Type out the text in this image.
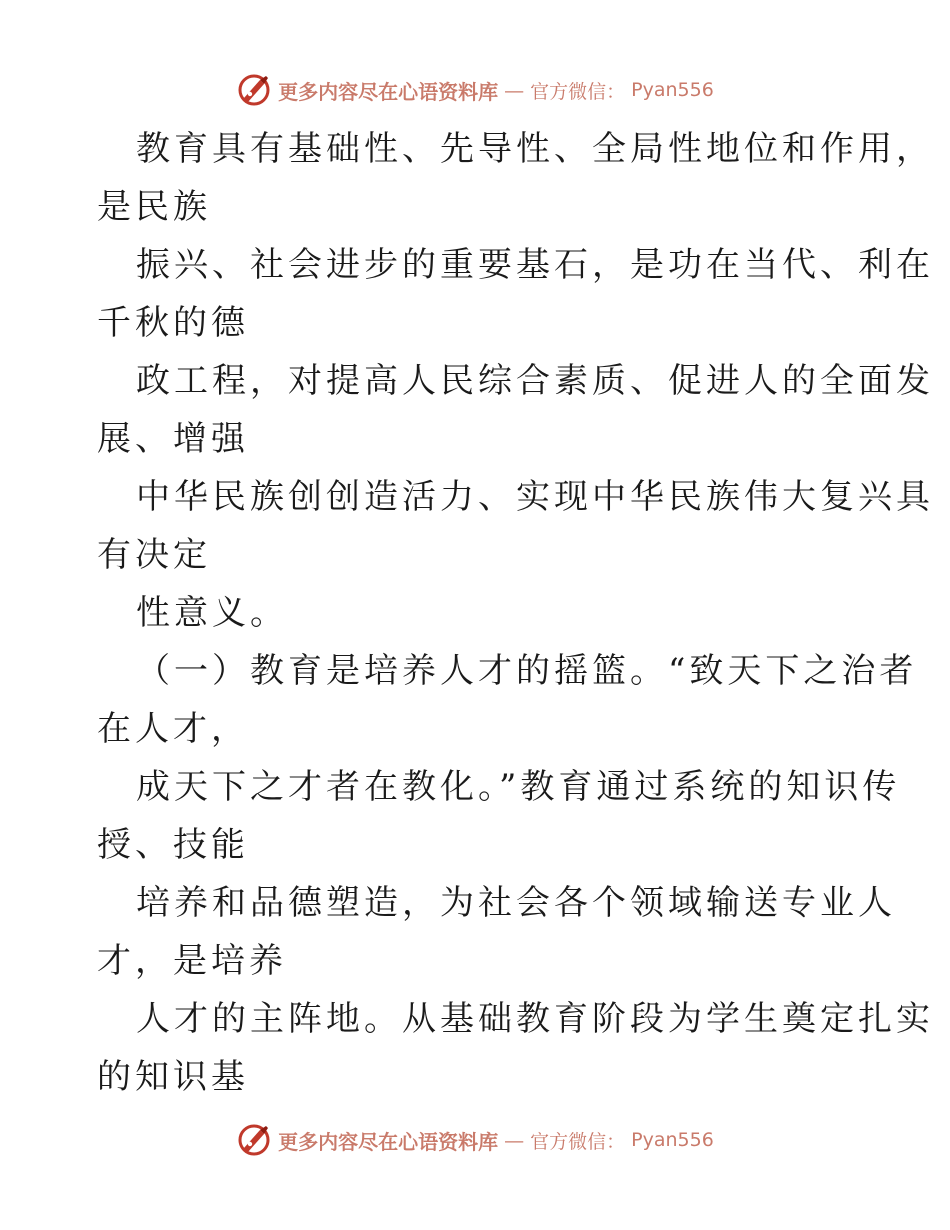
更多内容尽在心语资料库 — 官方微信： Pyan556
教育具有基础性、先导性、全局性地位和作用，
是民族
振兴、社会进步的重要基石，是功在当代、利在
千秋的德
政工程，对提高人民综合素质、促进人的全面发
展、增强
中华民族创创造活力、实现中华民族伟大复兴具
有决定
性意义。
（一）教育是培养人才的摇篮。“致天下之治者
在人才，
成天下之才者在教化。”教育通过系统的知识传
授、技能
培养和品德塑造，为社会各个领域输送专业人
才，是培养
人才的主阵地。从基础教育阶段为学生奠定扎实
的知识基
更多内容尽在心语资料库 — 官方微信： Pyan556
